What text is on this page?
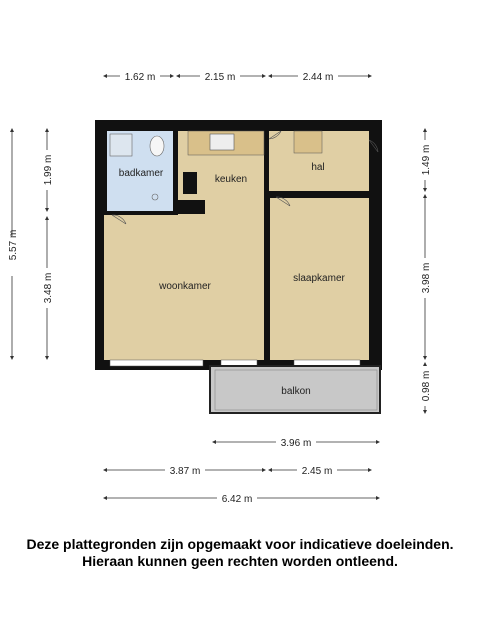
1.62 m	2.15 m	2.44 m
5.57 m
1.99 m
3.48 m
1.49 m
3.98 m
0.98 m
3.96 m
3.87 m	2.45 m
6.42 m
badkamer
keuken
hal
woonkamer
slaapkamer
balkon
Deze plattegronden zijn opgemaakt voor indicatieve doeleinden.
Hieraan kunnen geen rechten worden ontleend.
